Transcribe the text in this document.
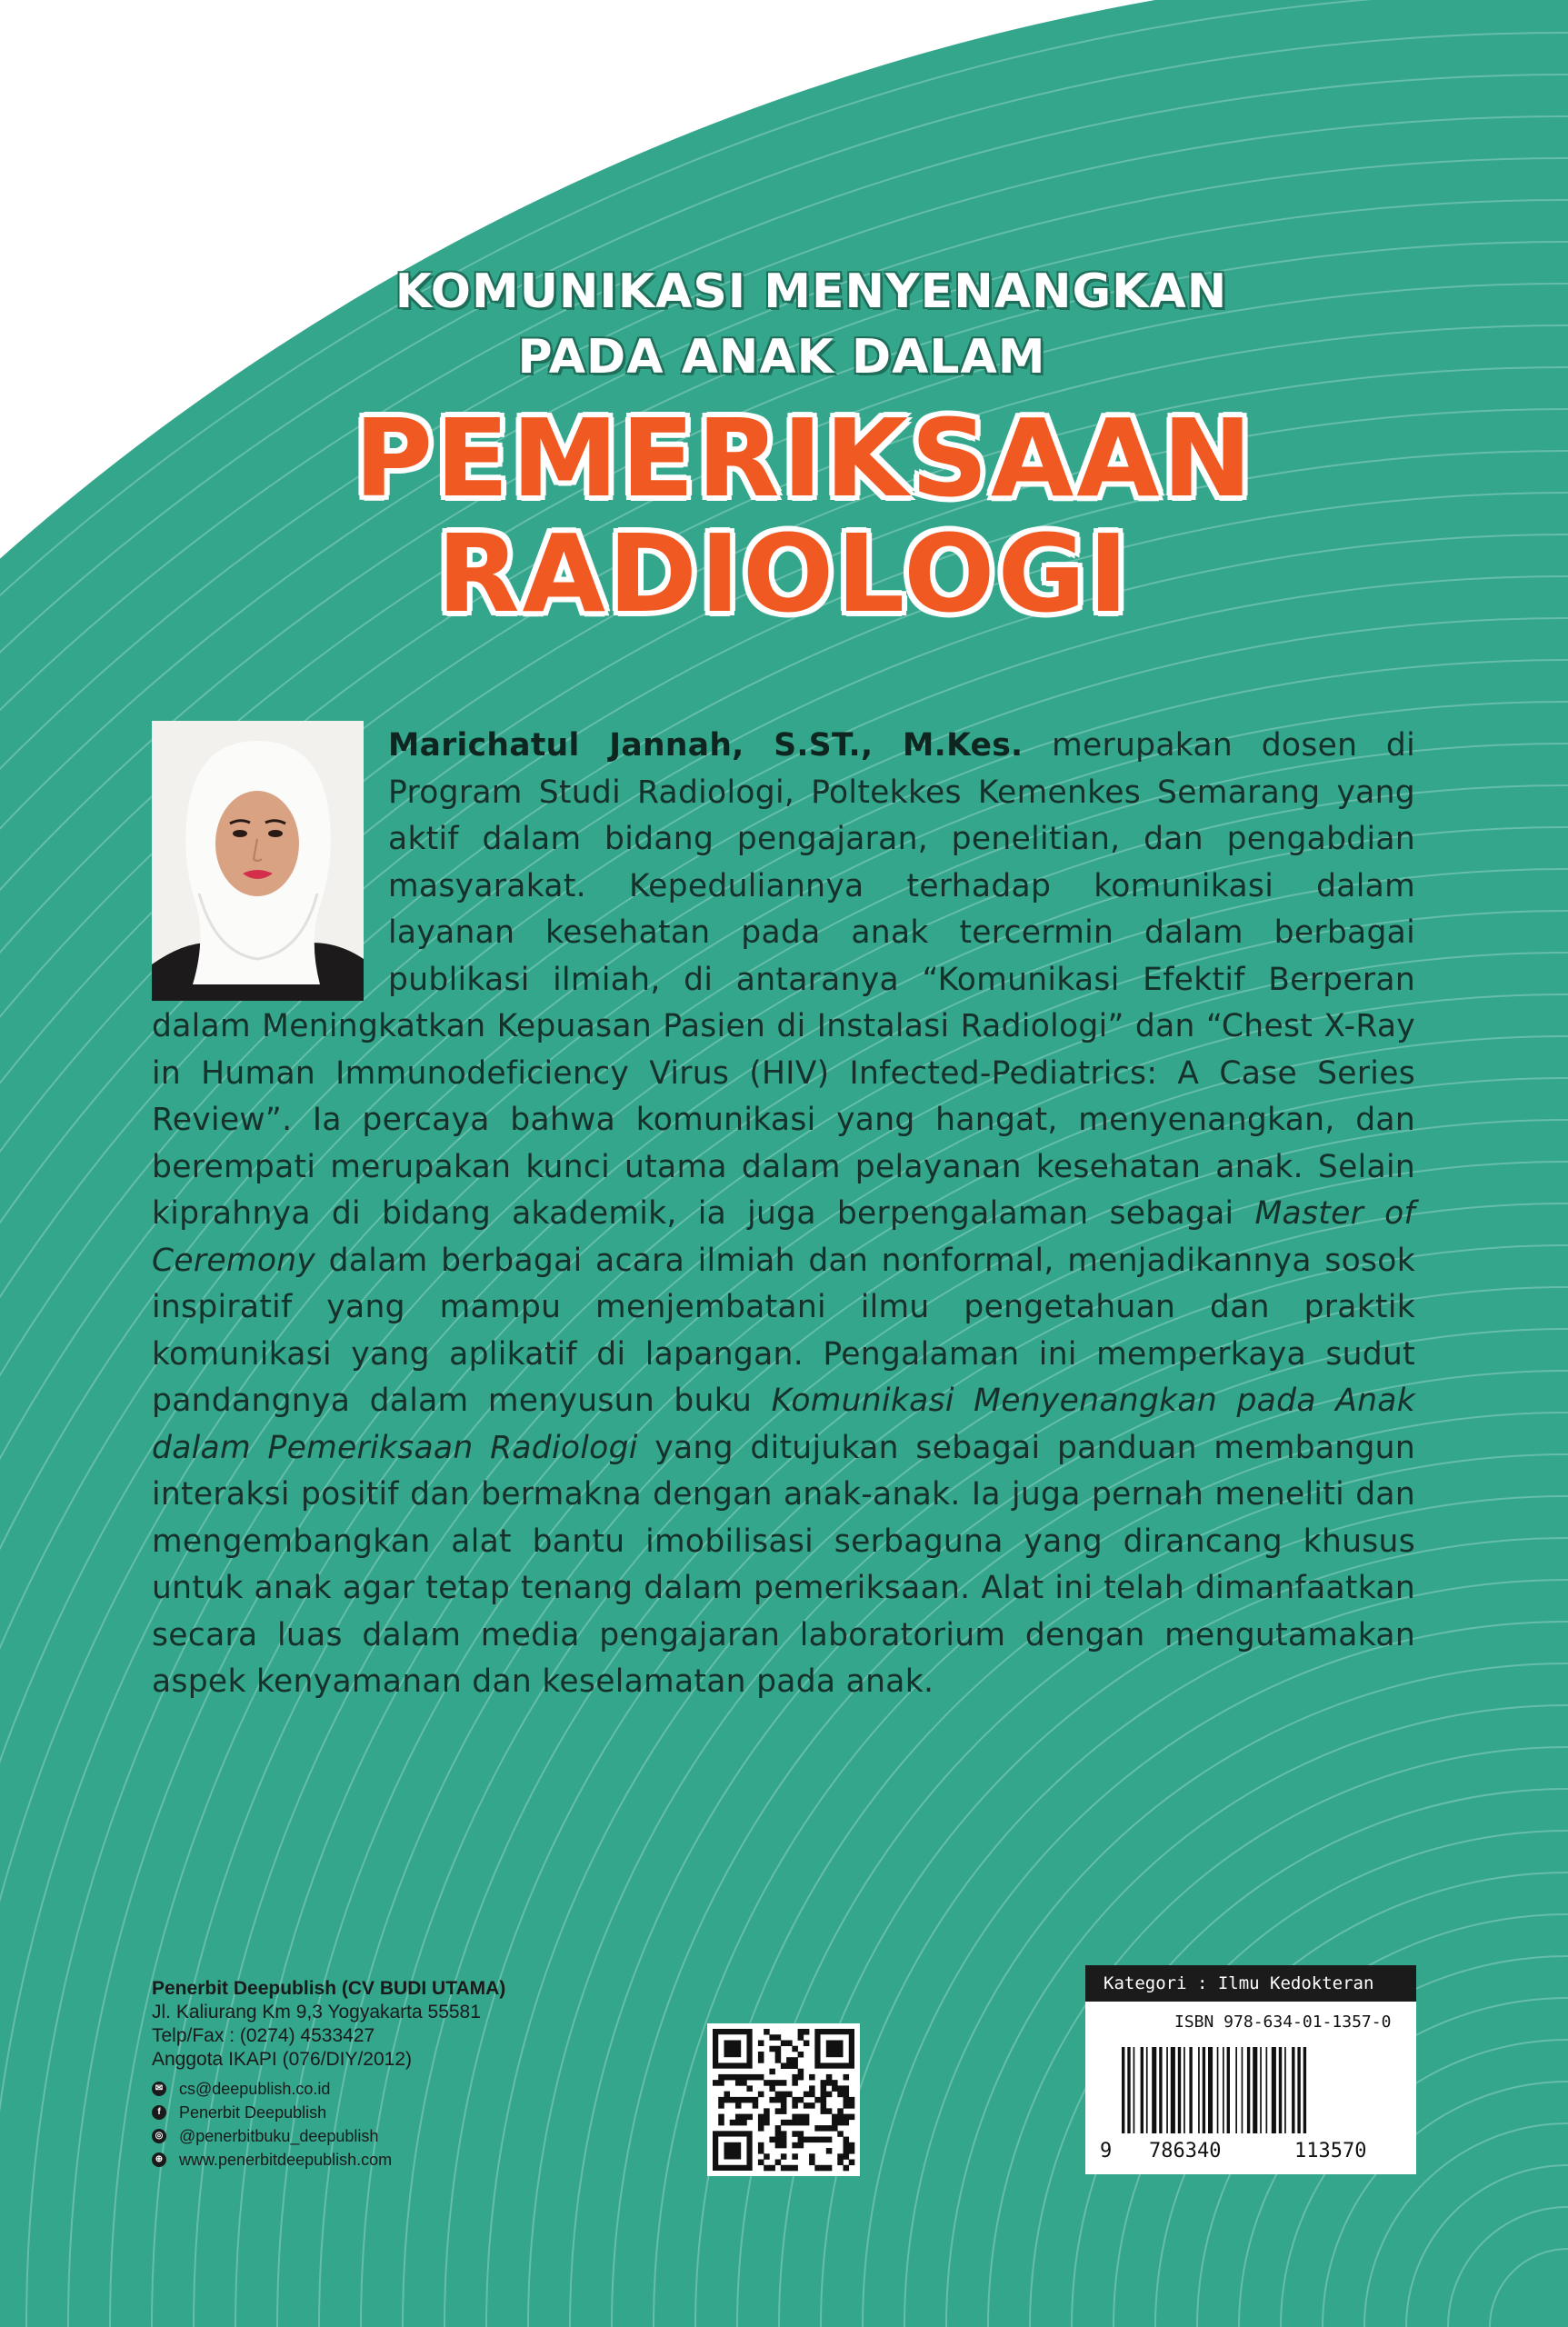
KOMUNIKASI MENYENANGKAN
PADA ANAK DALAM
PEMERIKSAAN
RADIOLOGI
Marichatul Jannah, S.ST., M.Kes. merupakan dosen di Program Studi Radiologi, Poltekkes Kemenkes Semarang yang aktif dalam bidang pengajaran, penelitian, dan pengabdian masyarakat. Kepeduliannya terhadap komunikasi dalam layanan kesehatan pada anak tercermin dalam berbagai publikasi ilmiah, di antaranya “Komunikasi Efektif Berperan dalam Meningkatkan Kepuasan Pasien di Instalasi Radiologi” dan “Chest X-Ray in Human Immunodeficiency Virus (HIV) Infected-Pediatrics: A Case Series Review”. Ia percaya bahwa komunikasi yang hangat, menyenangkan, dan berempati merupakan kunci utama dalam pelayanan kesehatan anak. Selain kiprahnya di bidang akademik, ia juga berpengalaman sebagai Master of Ceremony dalam berbagai acara ilmiah dan nonformal, menjadikannya sosok inspiratif yang mampu menjembatani ilmu pengetahuan dan praktik komunikasi yang aplikatif di lapangan. Pengalaman ini memperkaya sudut pandangnya dalam menyusun buku Komunikasi Menyenangkan pada Anak dalam Pemeriksaan Radiologi yang ditujukan sebagai panduan membangun interaksi positif dan bermakna dengan anak-anak. Ia juga pernah meneliti dan mengembangkan alat bantu imobilisasi serbaguna yang dirancang khusus untuk anak agar tetap tenang dalam pemeriksaan. Alat ini telah dimanfaatkan secara luas dalam media pengajaran laboratorium dengan mengutamakan aspek kenyamanan dan keselamatan pada anak.
Penerbit Deepublish (CV BUDI UTAMA)
Jl. Kaliurang Km 9,3 Yogyakarta 55581
Telp/Fax : (0274) 4533427
Anggota IKAPI (076/DIY/2012)
✉ cs@deepublish.co.id
f	Penerbit Deepublish
◎ @penerbitbuku_deepublish
⊕ www.penerbitdeepublish.com
Kategori : Ilmu Kedokteran
ISBN 978-634-01-1357-0
9 786340	113570
